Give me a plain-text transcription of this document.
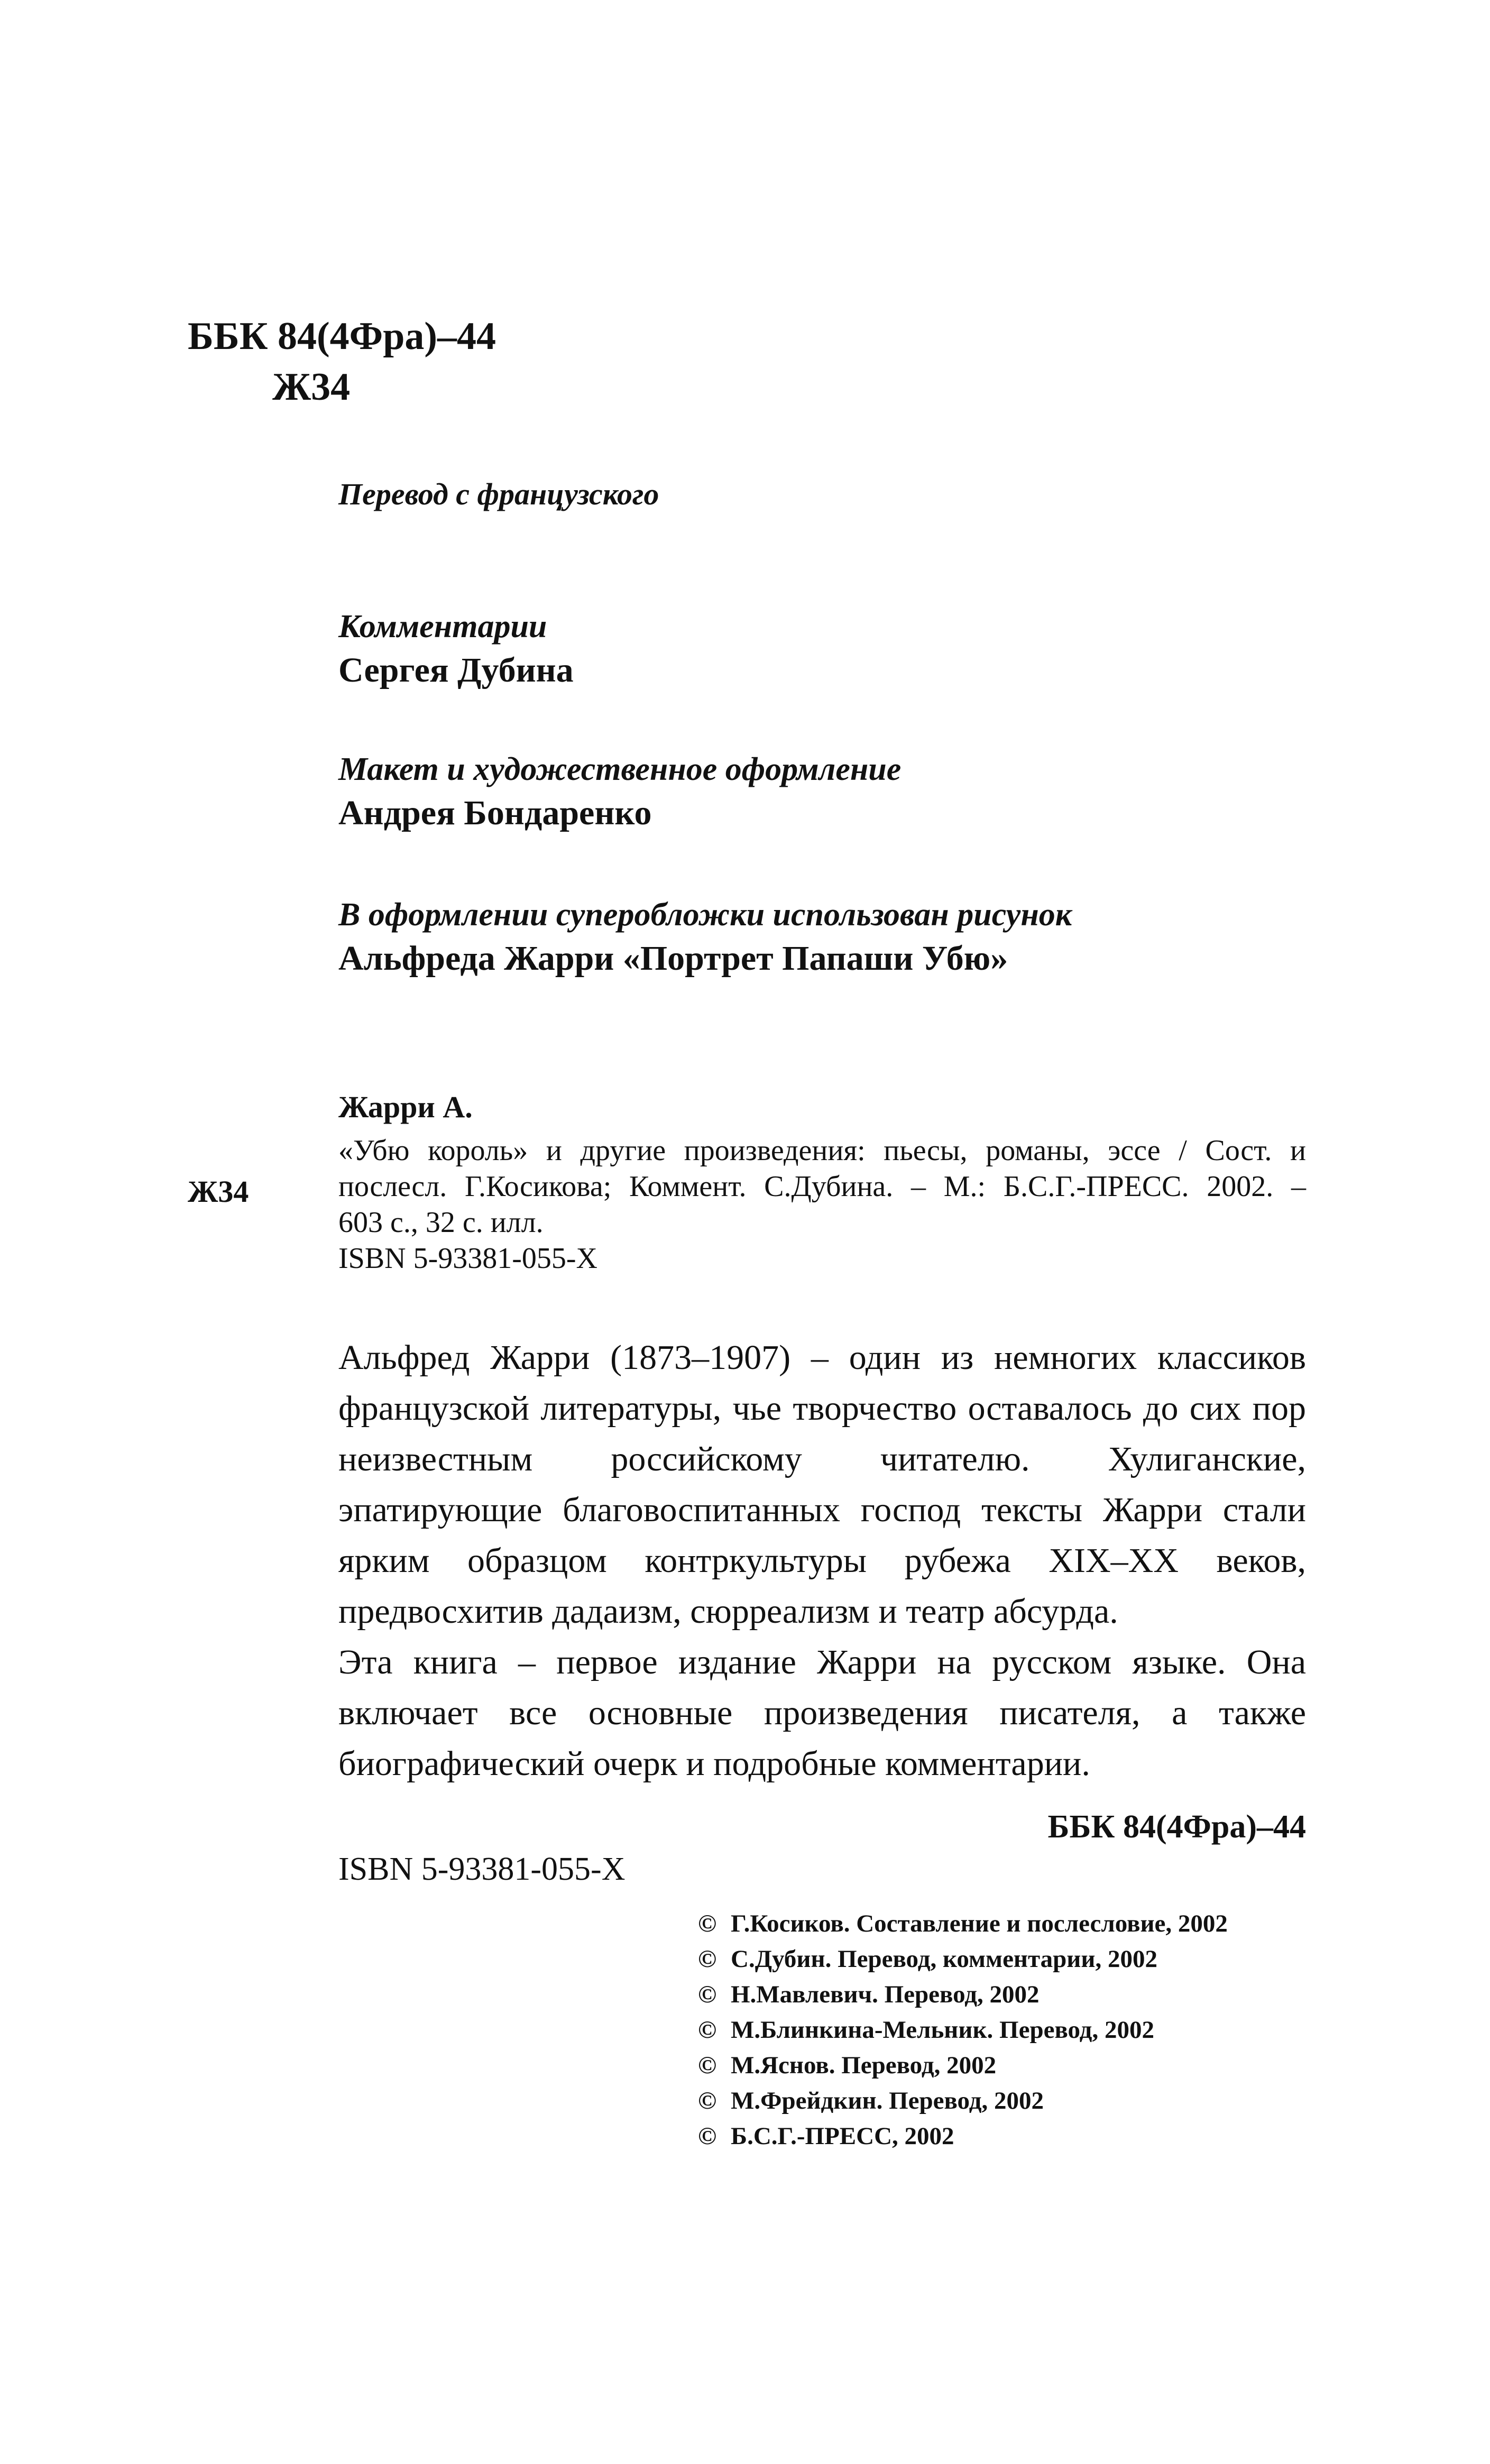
ББК 84(4Фра)–44
Ж34
Перевод с французского
Комментарии
Сергея Дубина
Макет и художественное оформление
Андрея Бондаренко
В оформлении суперобложки использован рисунок
Альфреда Жарри «Портрет Папаши Убю»
Ж34
Жарри А.
«Убю король» и другие произведения: пьесы, романы, эссе / Сост. и
послесл. Г.Косикова; Коммент. С.Дубина. – М.: Б.С.Г.-ПРЕСС. 2002. –
603 с., 32 с. илл.
ISBN 5-93381-055-X

Альфред Жарри (1873–1907) – один из немногих классиков французской литературы, чье творчество оставалось до сих пор неизвестным российскому читателю. Хулиганские, эпатирующие благовоспитанных господ тексты Жарри стали ярким образцом контркультуры рубежа XIX–XX веков, предвосхитив дадаизм, сюрреализм и театр абсурда.

Эта книга – первое издание Жарри на русском языке. Она включает все основные произведения писателя, а также биографический очерк и подробные комментарии.

ББК 84(4Фра)–44
ISBN 5-93381-055-X
© Г.Косиков. Составление и послесловие, 2002
© С.Дубин. Перевод, комментарии, 2002
© Н.Мавлевич. Перевод, 2002
© М.Блинкина-Мельник. Перевод, 2002
© М.Яснов. Перевод, 2002
© М.Фрейдкин. Перевод, 2002
© Б.С.Г.-ПРЕСС, 2002
